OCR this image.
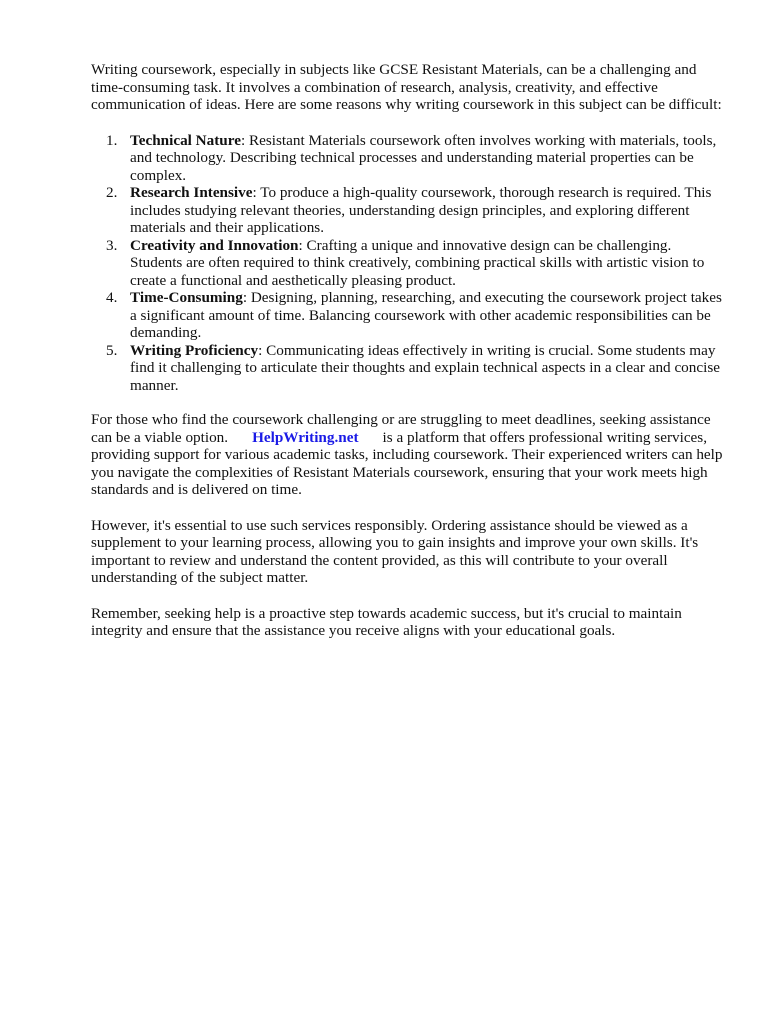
Writing coursework, especially in subjects like GCSE Resistant Materials, can be a challenging and time-consuming task. It involves a combination of research, analysis, creativity, and effective communication of ideas. Here are some reasons why writing coursework in this subject can be difficult:

1. Technical Nature: Resistant Materials coursework often involves working with materials, tools, and technology. Describing technical processes and understanding material properties can be complex.
2. Research Intensive: To produce a high-quality coursework, thorough research is required. This includes studying relevant theories, understanding design principles, and exploring different materials and their applications.
3. Creativity and Innovation: Crafting a unique and innovative design can be challenging. Students are often required to think creatively, combining practical skills with artistic vision to create a functional and aesthetically pleasing product.
4. Time-Consuming: Designing, planning, researching, and executing the coursework project takes a significant amount of time. Balancing coursework with other academic responsibilities can be demanding.
5. Writing Proficiency: Communicating ideas effectively in writing is crucial. Some students may find it challenging to articulate their thoughts and explain technical aspects in a clear and concise manner.

For those who find the coursework challenging or are struggling to meet deadlines, seeking assistance can be a viable option. HelpWriting.net is a platform that offers professional writing services, providing support for various academic tasks, including coursework. Their experienced writers can help you navigate the complexities of Resistant Materials coursework, ensuring that your work meets high standards and is delivered on time.

However, it's essential to use such services responsibly. Ordering assistance should be viewed as a supplement to your learning process, allowing you to gain insights and improve your own skills. It's important to review and understand the content provided, as this will contribute to your overall understanding of the subject matter.

Remember, seeking help is a proactive step towards academic success, but it's crucial to maintain integrity and ensure that the assistance you receive aligns with your educational goals.
